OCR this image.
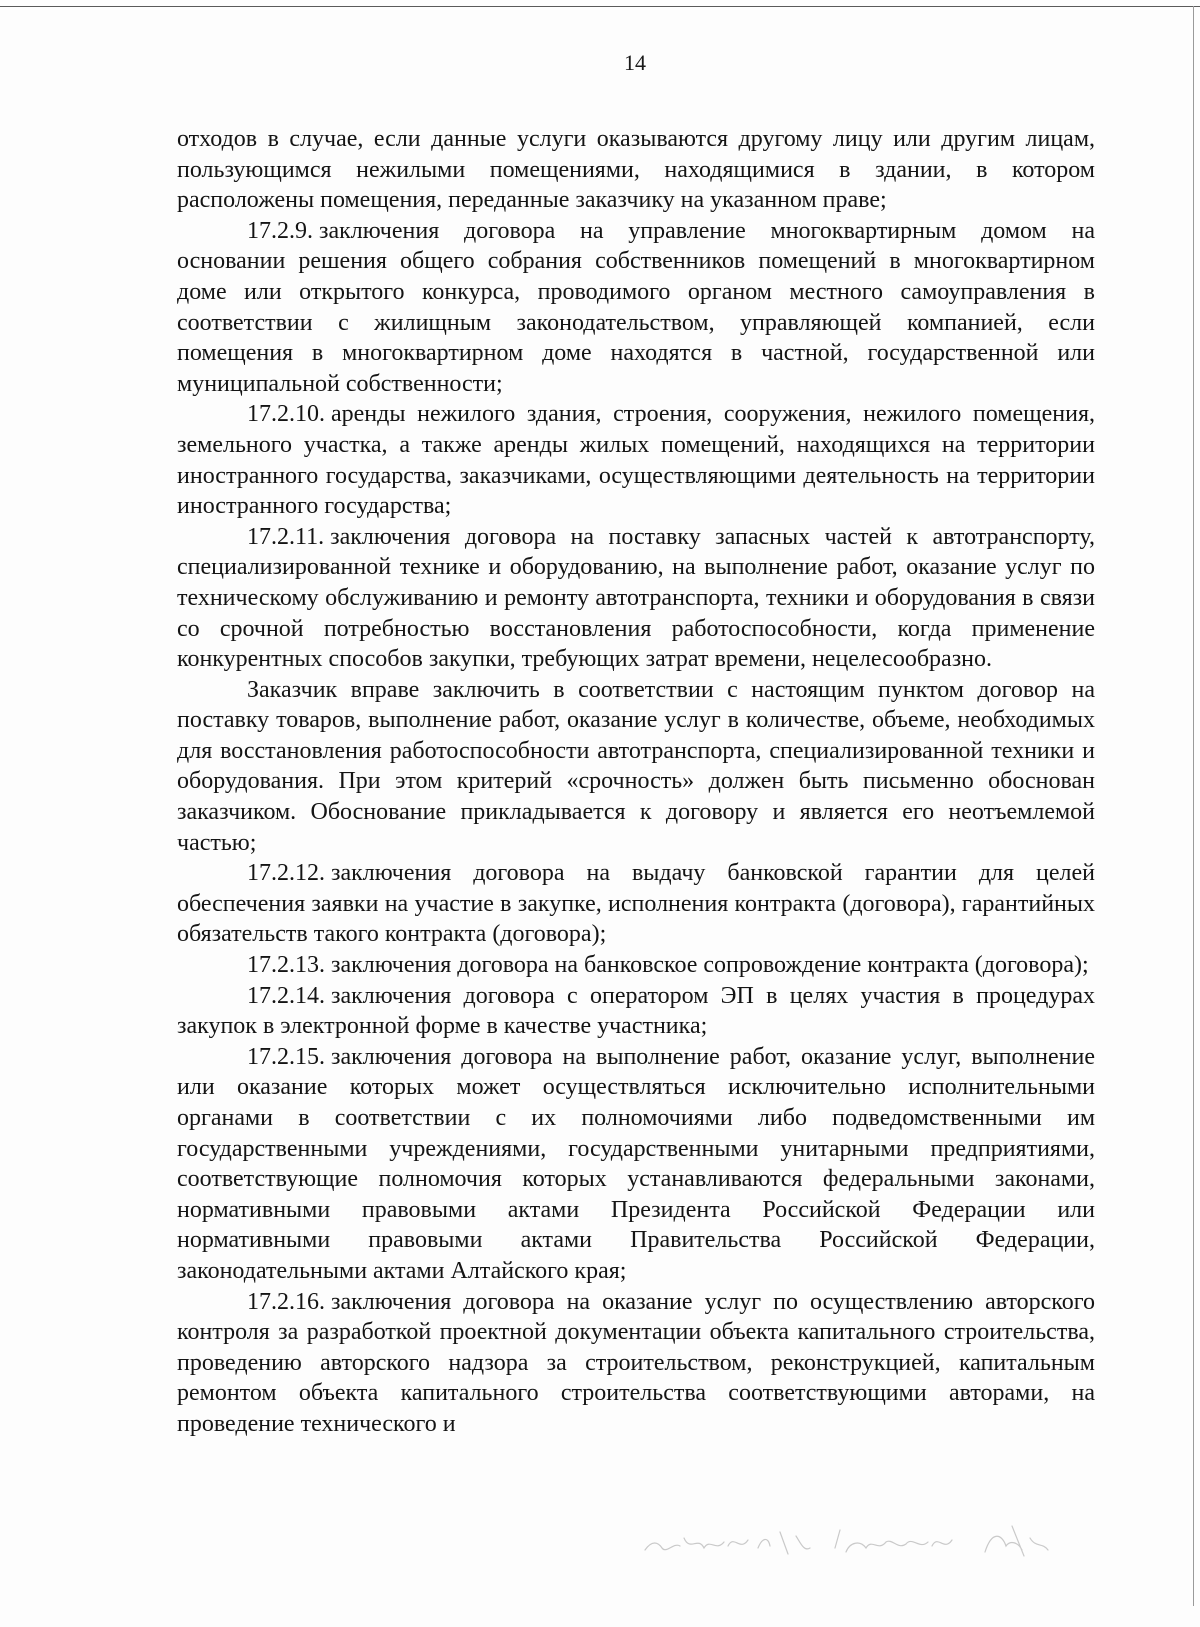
14

отходов в случае, если данные услуги оказываются другому лицу или другим лицам, пользующимся нежилыми помещениями, находящимися в здании, в котором расположены помещения, переданные заказчику на указанном праве;

17.2.9. заключения договора на управление многоквартирным домом на основании решения общего собрания собственников помещений в многоквартирном доме или открытого конкурса, проводимого органом местного самоуправления в соответствии с жилищным законодательством, управляющей компанией, если помещения в многоквартирном доме находятся в частной, государственной или муниципальной собственности;

17.2.10. аренды нежилого здания, строения, сооружения, нежилого помещения, земельного участка, а также аренды жилых помещений, находящихся на территории иностранного государства, заказчиками, осуществляющими деятельность на территории иностранного государства;

17.2.11. заключения договора на поставку запасных частей к автотранспорту, специализированной технике и оборудованию, на выполнение работ, оказание услуг по техническому обслуживанию и ремонту автотранспорта, техники и оборудования в связи со срочной потребностью восстановления работоспособности, когда применение конкурентных способов закупки, требующих затрат времени, нецелесообразно.

Заказчик вправе заключить в соответствии с настоящим пунктом договор на поставку товаров, выполнение работ, оказание услуг в количестве, объеме, необходимых для восстановления работоспособности автотранспорта, специализированной техники и оборудования. При этом критерий «срочность» должен быть письменно обоснован заказчиком. Обоснование прикладывается к договору и является его неотъемлемой частью;

17.2.12. заключения договора на выдачу банковской гарантии для целей обеспечения заявки на участие в закупке, исполнения контракта (договора), гарантийных обязательств такого контракта (договора);

17.2.13. заключения договора на банковское сопровождение контракта (договора);

17.2.14. заключения договора с оператором ЭП в целях участия в процедурах закупок в электронной форме в качестве участника;

17.2.15. заключения договора на выполнение работ, оказание услуг, выполнение или оказание которых может осуществляться исключительно исполнительными органами в соответствии с их полномочиями либо подведомственными им государственными учреждениями, государственными унитарными предприятиями, соответствующие полномочия которых устанавливаются федеральными законами, нормативными правовыми актами Президента Российской Федерации или нормативными правовыми актами Правительства Российской Федерации, законодательными актами Алтайского края;

17.2.16. заключения договора на оказание услуг по осуществлению авторского контроля за разработкой проектной документации объекта капитального строительства, проведению авторского надзора за строительством, реконструкцией, капитальным ремонтом объекта капитального строительства соответствующими авторами, на проведение технического и
